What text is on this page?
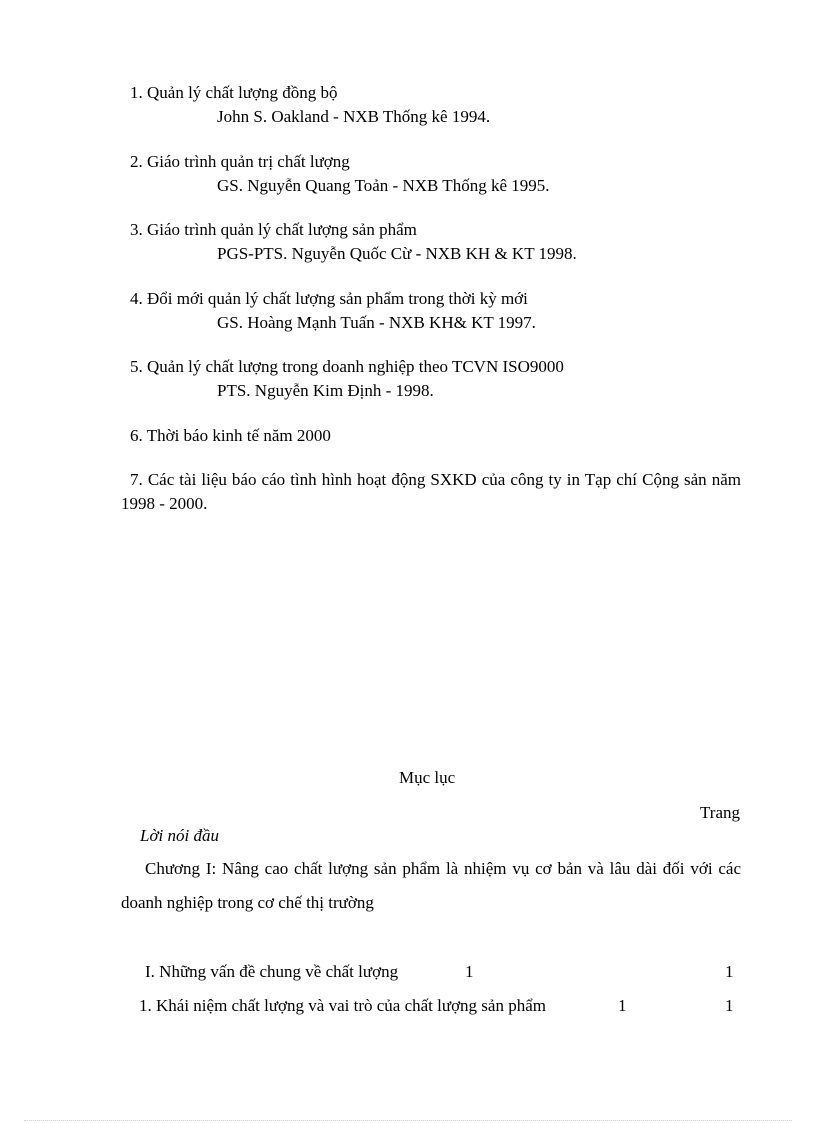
1. Quản lý chất lượng đồng bộ
John S. Oakland - NXB Thống kê 1994.
2. Giáo trình quản trị chất lượng
GS. Nguyễn Quang Toản - NXB Thống kê 1995.
3. Giáo trình quản lý chất lượng sản phẩm
PGS-PTS. Nguyễn Quốc Cừ - NXB KH & KT 1998.
4. Đổi mới quản lý chất lượng sản phẩm trong thời kỳ mới
GS. Hoàng Mạnh Tuấn - NXB KH& KT 1997.
5. Quản lý chất lượng trong doanh nghiệp theo TCVN ISO9000
PTS. Nguyễn Kim Định - 1998.
6. Thời báo kinh tế năm 2000
7. Các tài liệu báo cáo tình hình hoạt động SXKD của công ty in Tạp chí Cộng sản năm 1998 - 2000.
Mục lục
Trang
Lời nói đầu
Chương I: Nâng cao chất lượng sản phẩm là nhiệm vụ cơ bản và lâu dài đối với các doanh nghiệp trong cơ chế thị trường
I. Những vấn đề chung về chất lượng	1	1
1. Khái niệm chất lượng và vai trò của chất lượng sản phẩm	1	1
